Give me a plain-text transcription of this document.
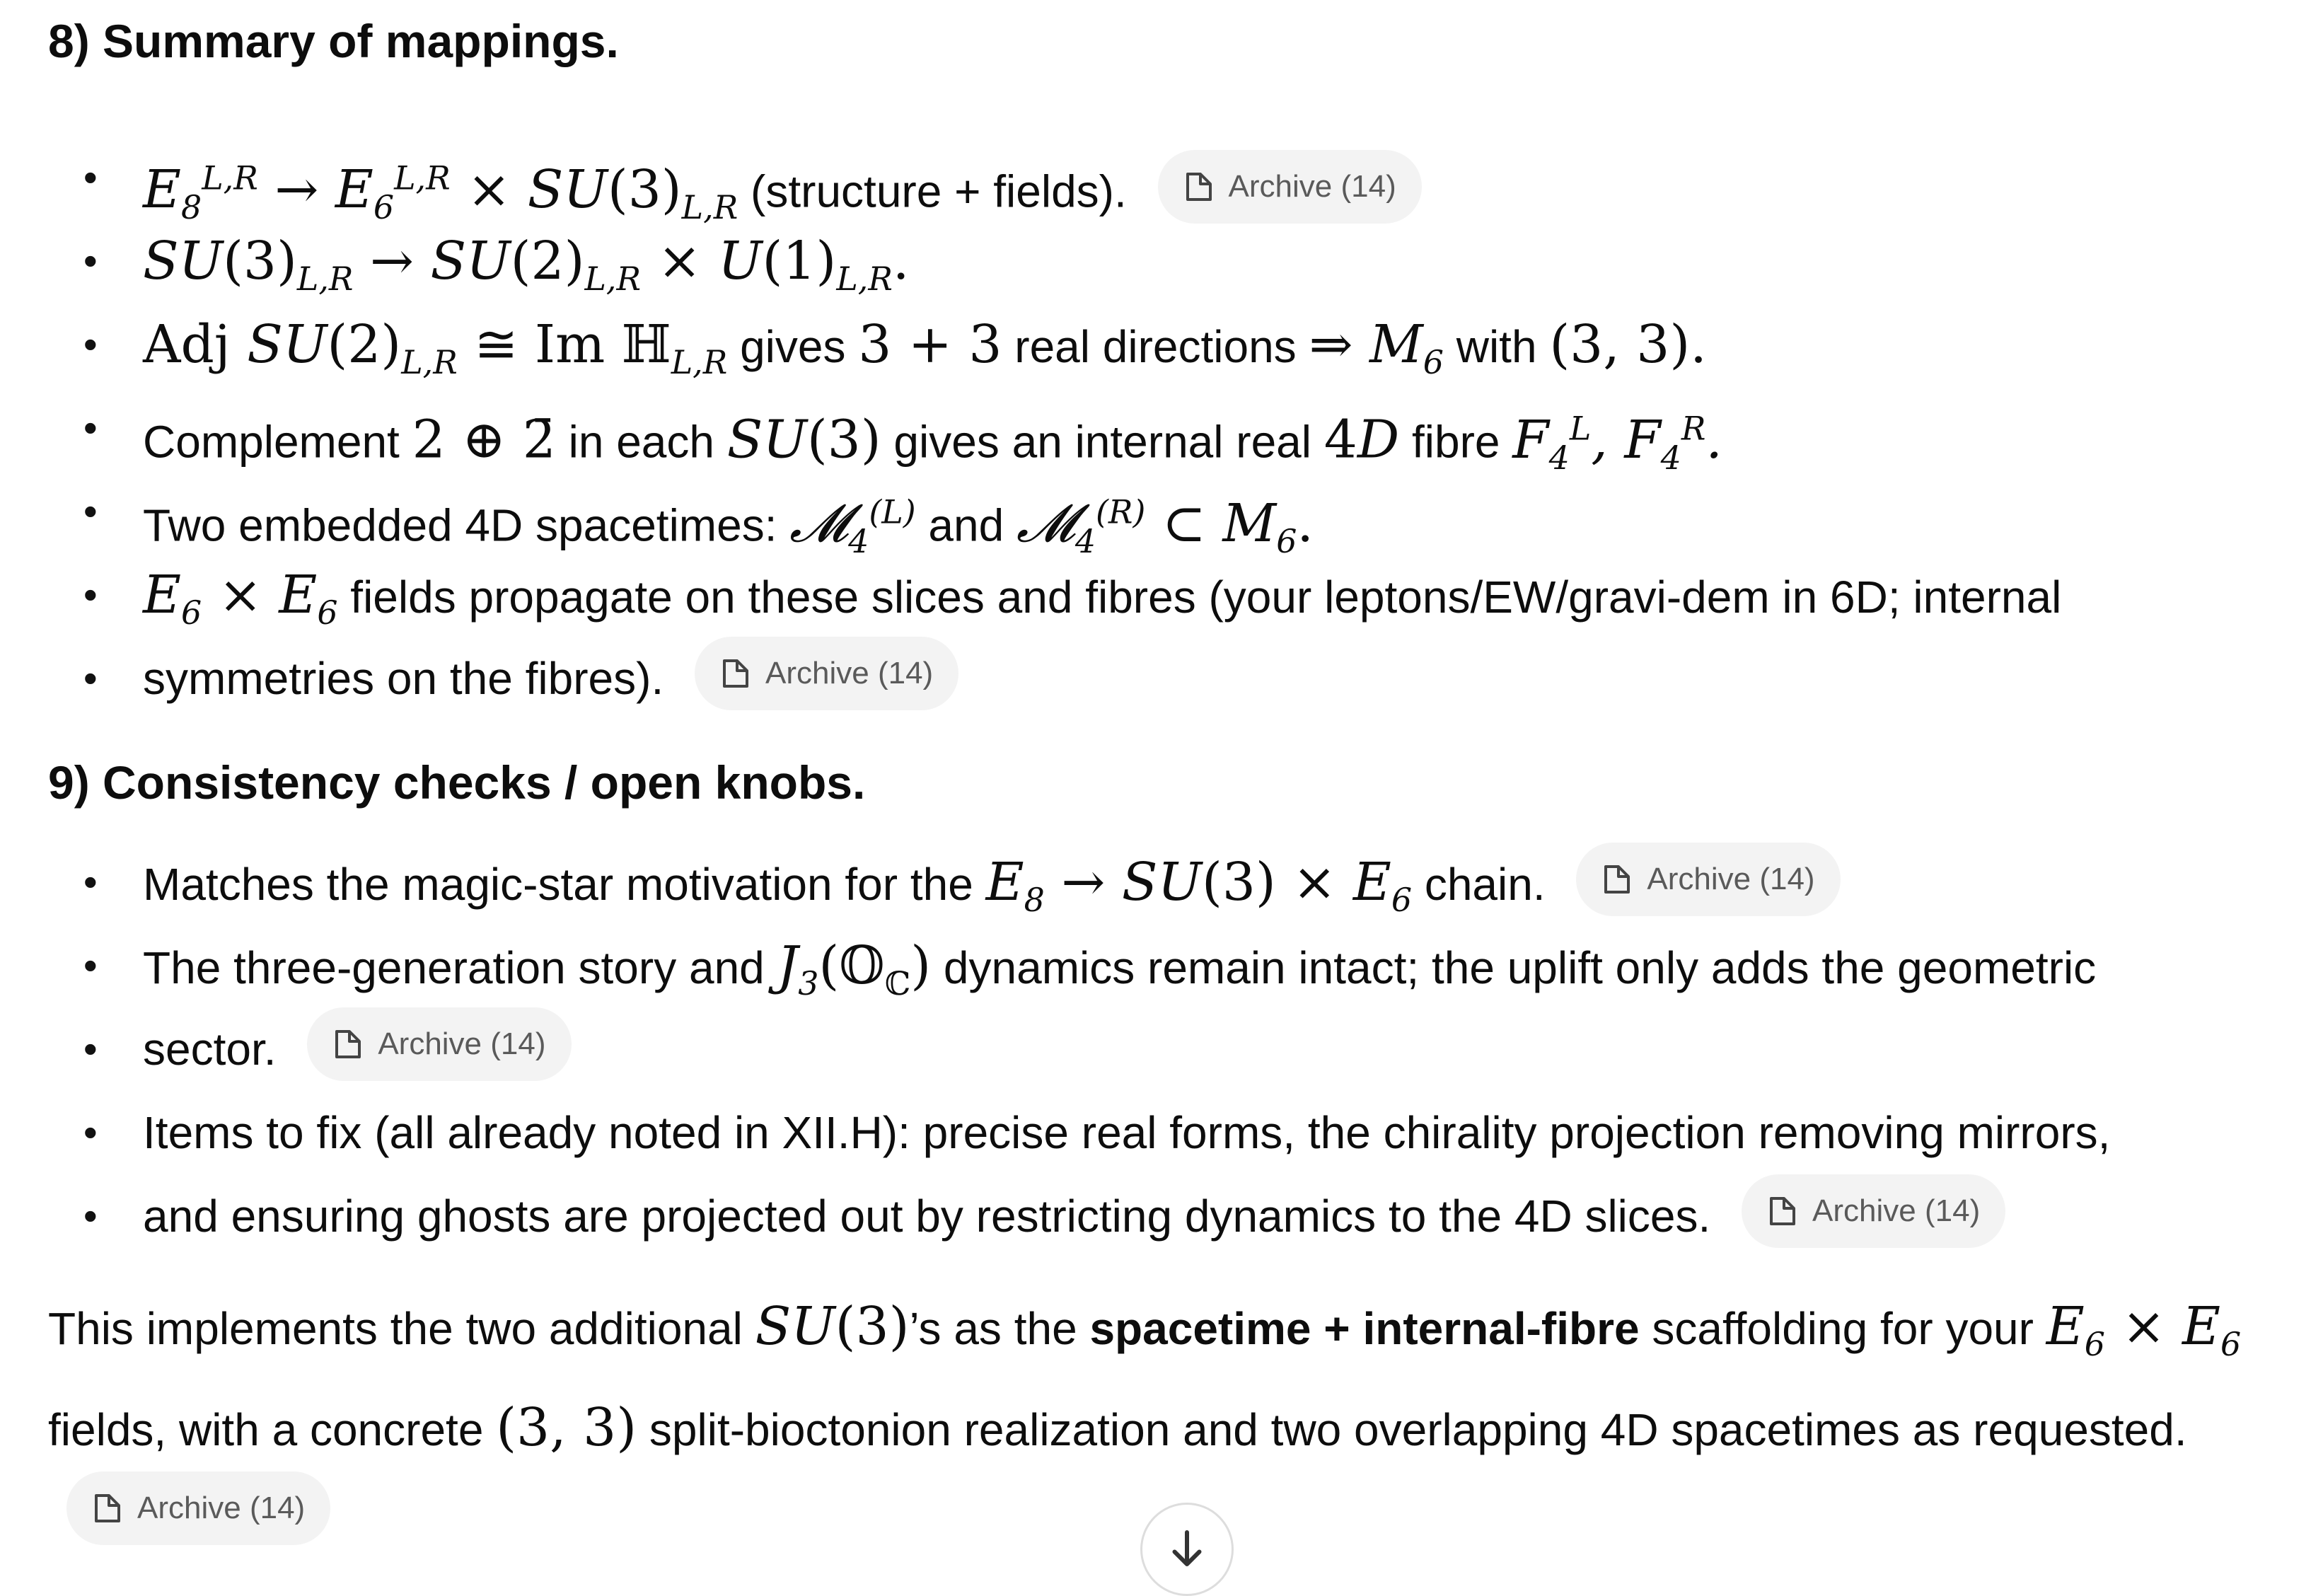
8) Summary of mappings.
• $E_8^{L,R} \to E_6^{L,R} \times SU(3)_{L,R}$ (structure + fields).	Archive (14)
• $SU(3)_{L,R} \to SU(2)_{L,R} \times U(1)_{L,R}$.
• Adj $SU(2)_{L,R}$ ≅ Im ℍ$_{L,R}$ gives 3 + 3 real directions ⇒ $M_6$ with (3, 3).
• Complement 2 ⊕ 2̄ in each SU(3) gives an internal real 4D fibre $F_4^L$, $F_4^R$.
• Two embedded 4D spacetimes: 𝓜$_4^{(L)}$ and 𝓜$_4^{(R)}$ ⊂ $M_6$.
• $E_6 \times E_6$ fields propagate on these slices and fibres (your leptons/EW/gravi-dem in 6D; internal
• symmetries on the fibres).	Archive (14)
9) Consistency checks / open knobs.
• Matches the magic-star motivation for the $E_8 \to SU(3) \times E_6$ chain.	Archive (14)
• The three-generation story and $J_3(𝕆_ℂ)$ dynamics remain intact; the uplift only adds the geometric
• sector.	Archive (14)
• Items to fix (all already noted in XII.H): precise real forms, the chirality projection removing mirrors,
• and ensuring ghosts are projected out by restricting dynamics to the 4D slices.	Archive (14)

This implements the two additional SU(3)’s as the spacetime + internal-fibre scaffolding for your $E_6 \times E_6$ fields, with a concrete (3, 3) split-bioctonion realization and two overlapping 4D spacetimes as requested.
Archive (14)
